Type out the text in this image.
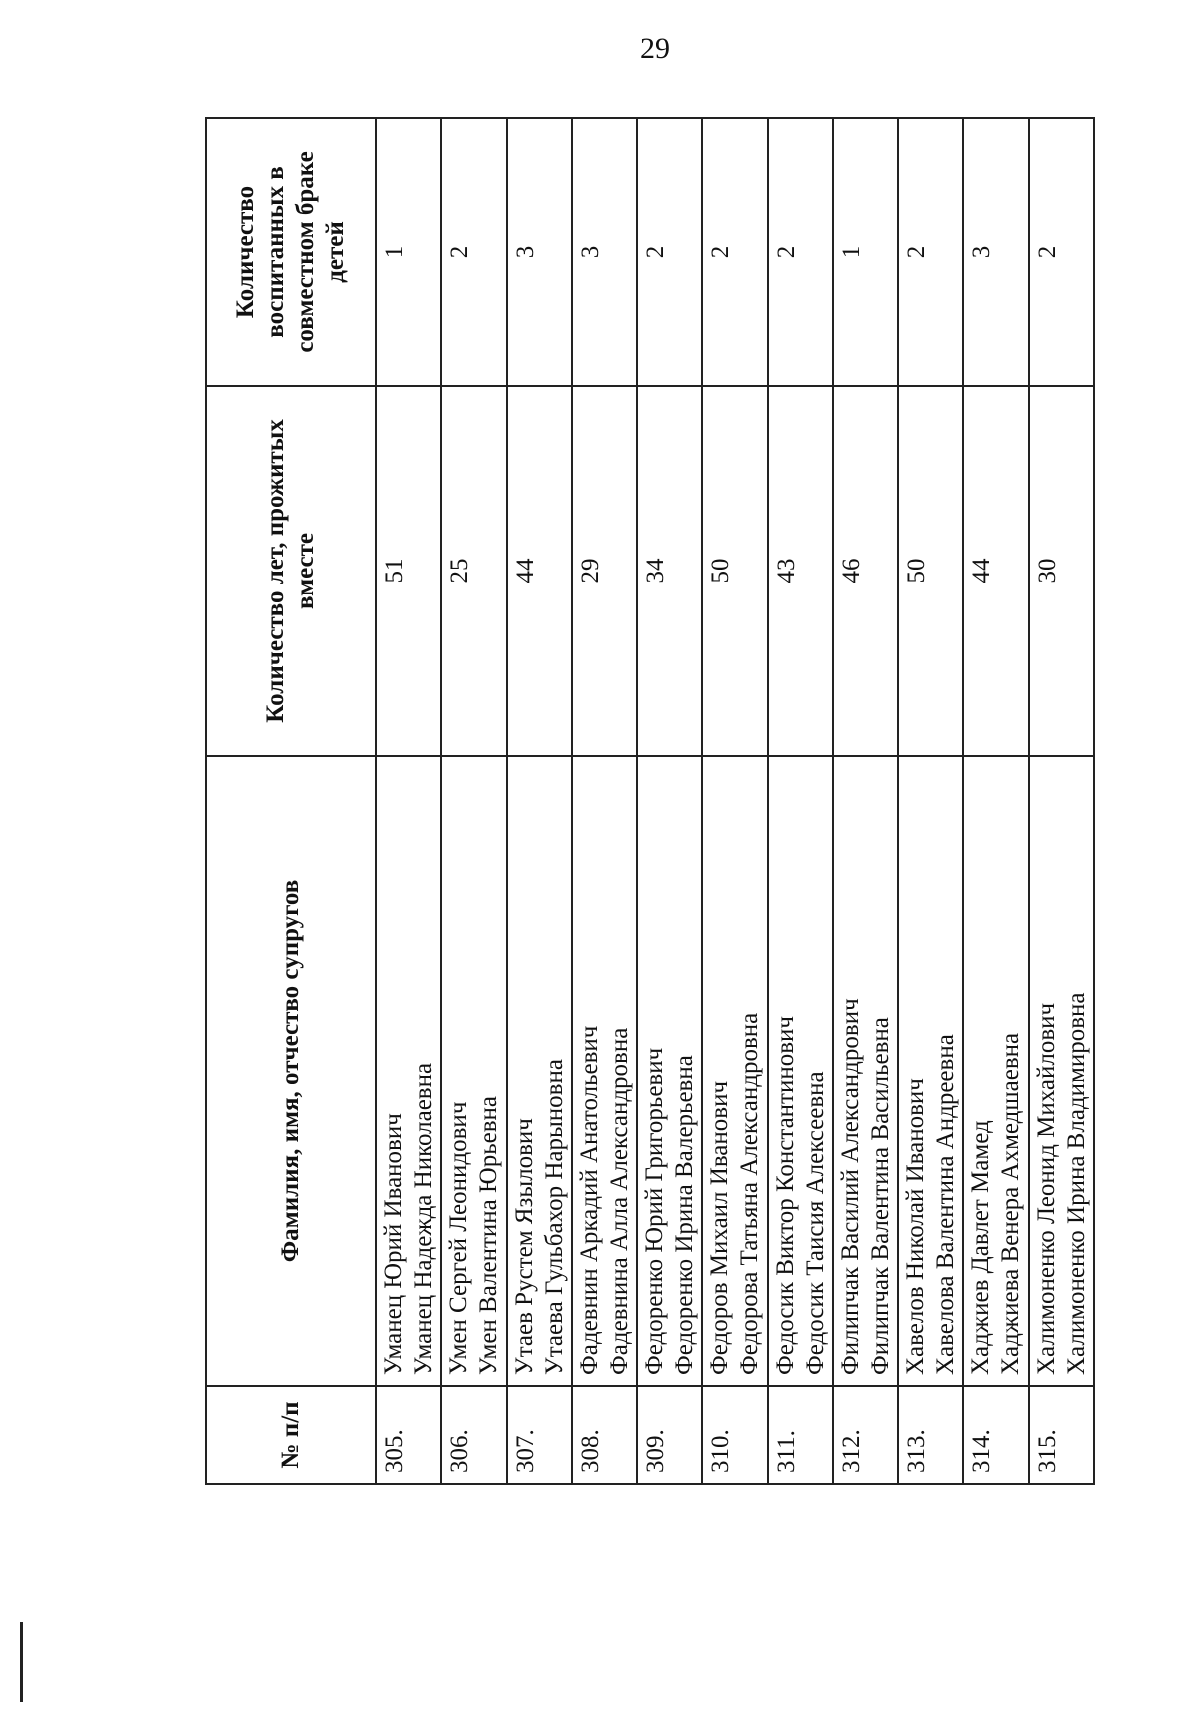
29
№ п/п	Фамилия, имя, отчество супругов	Количество лет, прожитых вместе	Количество воспитанных в совместном браке детей
305.	Уманец Юрий Иванович Уманец Надежда Николаевна	51	1
306.	Умен Сергей Леонидович Умен Валентина Юрьевна	25	2
307.	Утаев Рустем Язылович Утаева Гульбахор Нарыновна	44	3
308.	Фадевнин Аркадий Анатольевич Фадевнина Алла Александровна	29	3
309.	Федоренко Юрий Григорьевич Федоренко Ирина Валерьевна	34	2
310.	Федоров Михаил Иванович Федорова Татьяна Александровна	50	2
311.	Федосик Виктор Константинович Федосик Таисия Алексеевна	43	2
312.	Филипчак Василий Александрович Филипчак Валентина Васильевна	46	1
313.	Хавелов Николай Иванович Хавелова Валентина Андреевна	50	2
314.	Хаджиев Давлет Мамед Хаджиева Венера Ахмедшаевна	44	3
315.	Халимоненко Леонид Михайлович Халимоненко Ирина Владимировна	30	2
